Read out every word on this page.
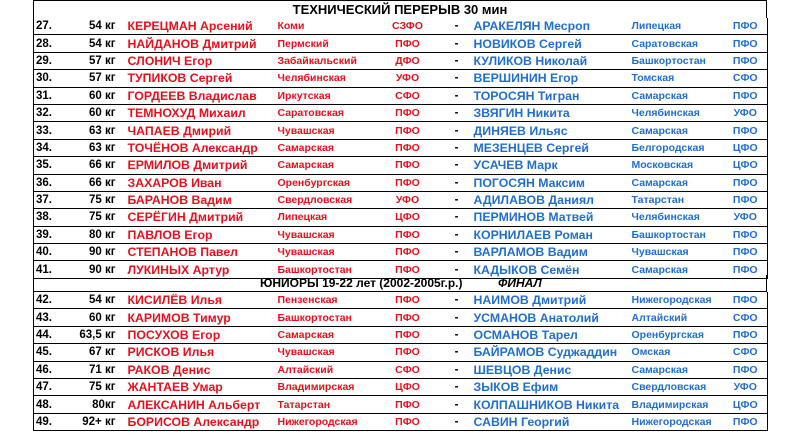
ТЕХНИЧЕСКИЙ ПЕРЕРЫВ 30 мин
27.	54 кг	КЕРЕЦМАН Арсений	Коми	СЗФО	-	АРАКЕЛЯН Месроп	Липецкая	ПФО
28.	54 кг	НАЙДАНОВ Дмитрий	Пермский	ПФО	-	НОВИКОВ Сергей	Саратовская	ПФО
29.	57 кг	СЛОНИЧ Егор	Забайкальский	ДФО	-	КУЛИКОВ Николай	Башкортостан	ПФО
30.	57 кг	ТУПИКОВ Сергей	Челябинская	УФО	-	ВЕРШИНИН Егор	Томская	СФО
31.	60 кг	ГОРДЕЕВ Владислав	Иркутская	СФО	-	ТОРОСЯН Тигран	Самарская	ПФО
32.	60 кг	ТЕМНОХУД Михаил	Саратовская	ПФО	-	ЗВЯГИН Никита	Челябинская	УФО
33.	63 кг	ЧАПАЕВ Дмирий	Чувашская	ПФО	-	ДИНЯЕВ Ильяс	Самарская	ПФО
34.	63 кг	ТОЧЁНОВ Александр	Самарская	ПФО	-	МЕЗЕНЦЕВ Сергей	Белгородская	ЦФО
35.	66 кг	ЕРМИЛОВ Дмитрий	Самарская	ПФО	-	УСАЧЕВ Марк	Московская	ЦФО
36.	66 кг	ЗАХАРОВ Иван	Оренбургская	ПФО	-	ПОГОСЯН Максим	Самарская	ПФО
37.	75 кг	БАРАНОВ Вадим	Свердловская	УФО	-	АДИЛАВОВ Даниял	Татарстан	ПФО
38.	75 кг	СЕРЁГИН Дмитрий	Липецкая	ЦФО	-	ПЕРМИНОВ Матвей	Челябинская	УФО
39.	80 кг	ПАВЛОВ Егор	Чувашская	ПФО	-	КОРНИЛАЕВ Роман	Башкортостан	ПФО
40.	90 кг	СТЕПАНОВ Павел	Чувашская	ПФО	-	ВАРЛАМОВ Вадим	Чувашская	ПФО
41.	90 кг	ЛУКИНЫХ Артур	Башкортостан	ПФО	-	КАДЫКОВ Семён	Самарская	ПФО
ЮНИОРЫ 19-22 лет (2002-2005г.р.)	ФИНАЛ
42.	54 кг	КИСИЛЁВ Илья	Пензенская	ПФО	-	НАИМОВ Дмитрий	Нижегородская	ПФО
43.	60 кг	КАРИМОВ Тимур	Башкортостан	ПФО	-	УСМАНОВ Анатолий	Алтайский	СФО
44.	63,5 кг	ПОСУХОВ Егор	Самарская	ПФО	-	ОСМАНОВ Тарел	Оренбургская	ПФО
45.	67 кг	РИСКОВ Илья	Чувашская	ПФО	-	БАЙРАМОВ Суджаддин	Омская	СФО
46.	71 кг	РАКОВ Денис	Алтайский	СФО	-	ШЕВЦОВ Денис	Самарская	ПФО
47.	75 кг	ЖАНТАЕВ Умар	Владимирская	ЦФО	-	ЗЫКОВ Ефим	Свердловская	УФО
48.	80кг	АЛЕКСАНИН Альберт	Татарстан	ПФО	-	КОЛПАШНИКОВ Никита	Владимирская	ЦФО
49.	92+ кг	БОРИСОВ Александр	Нижегородская	ПФО	-	САВИН Георгий	Нижегородская	ПФО
